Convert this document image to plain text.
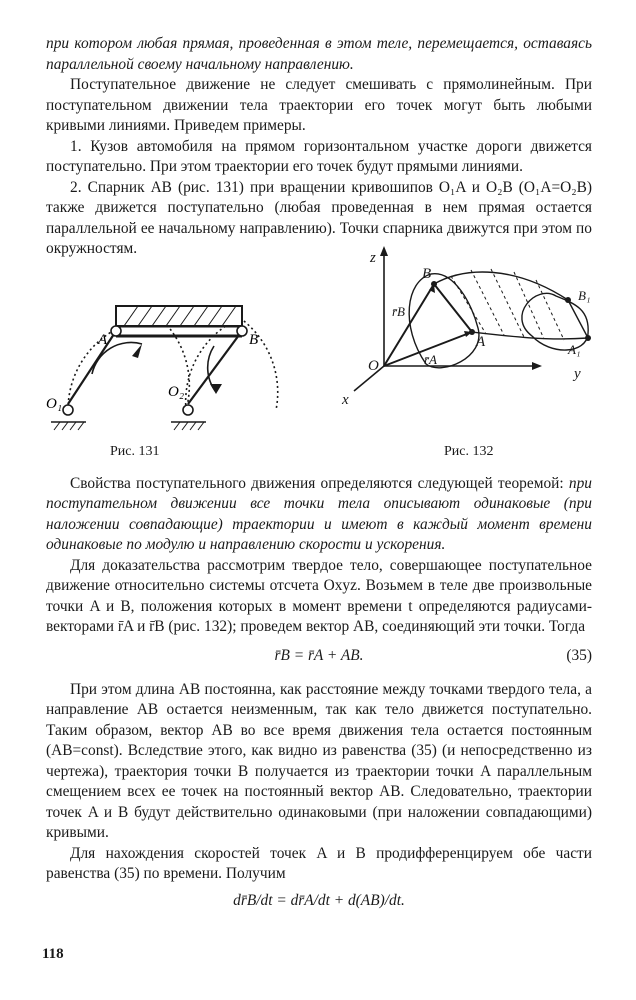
при котором любая прямая, проведенная в этом теле, перемещается, оставаясь параллельной своему начальному направлению.

Поступательное движение не следует смешивать с прямолинейным. При поступательном движении тела траектории его точек могут быть любыми кривыми линиями. Приведем примеры.

1. Кузов автомобиля на прямом горизонтальном участке дороги движется поступательно. При этом траектории его точек будут прямыми линиями.

2. Спарник AB (рис. 131) при вращении кривошипов O₁A и O₂B (O₁A=O₂B) также движется поступательно (любая проведенная в нем прямая остается параллельной ее начальному направлению). Точки спарника движутся при этом по окружностям.

A	B
O₁
O₂
Рис. 131
z
y
x
O
B
A
B₁
A₁
r̄B
r̄A
Рис. 132

Свойства поступательного движения определяются следующей теоремой: при поступательном движении все точки тела описывают одинаковые (при наложении совпадающие) траектории и имеют в каждый момент времени одинаковые по модулю и направлению скорости и ускорения.

Для доказательства рассмотрим твердое тело, совершающее поступательное движение относительно системы отсчета Oxyz. Возьмем в теле две произвольные точки A и B, положения которых в момент времени t определяются радиусами-векторами r̄A и r̄B (рис. 132); проведем вектор AB, соединяющий эти точки. Тогда

r̄B = r̄A + AB.	(35)

При этом длина AB постоянна, как расстояние между точками твердого тела, а направление AB остается неизменным, так как тело движется поступательно. Таким образом, вектор AB во все время движения тела остается постоянным (AB=const). Вследствие этого, как видно из равенства (35) (и непосредственно из чертежа), траектория точки B получается из траектории точки A параллельным смещением всех ее точек на постоянный вектор AB. Следовательно, траектории точек A и B будут действительно одинаковыми (при наложении совпадающими) кривыми.

Для нахождения скоростей точек A и B продифференцируем обе части равенства (35) по времени. Получим

dr̄B/dt = dr̄A/dt + d(AB)/dt.
118
